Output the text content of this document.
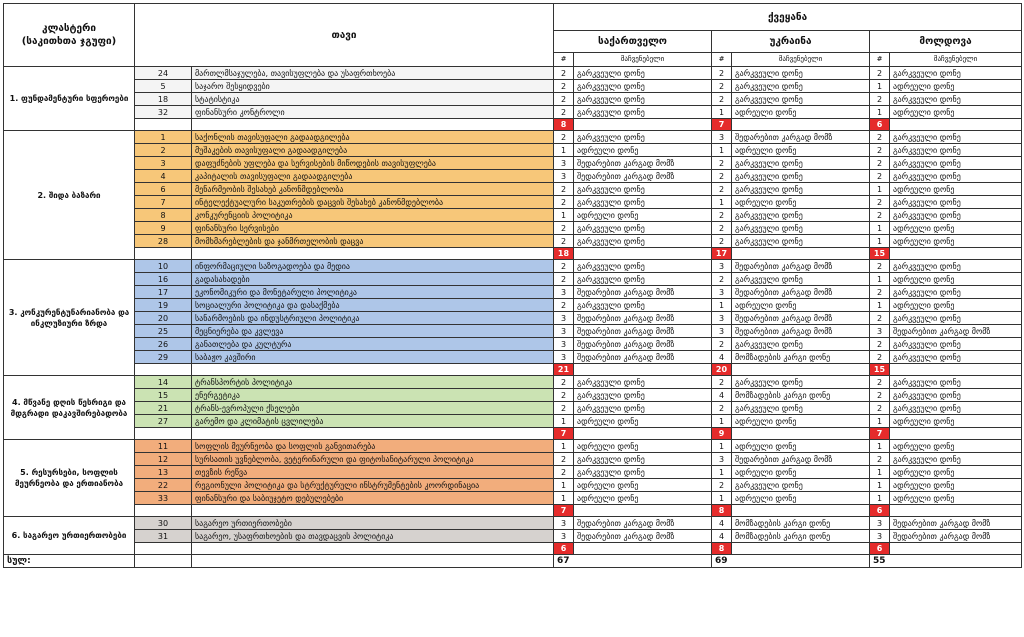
კლასტერი
(საკითხთა ჯგუფი)	თავი		ქვეყანა					
			საქართველო		უკრაინა		მოლდოვა	
			#	მაჩვენებელი	#	მაჩვენებელი	#	მაჩვენებელი
1. ფუნდამენტური სფეროები	24	მართლმსაჯულება, თავისუფლება და უსაფრთხოება	2	გარკვეული დონე	2	გარკვეული დონე	2	გარკვეული დონე
	5	საჯარო შესყიდვები	2	გარკვეული დონე	2	გარკვეული დონე	1	ადრეული დონე
	18	სტატისტიკა	2	გარკვეული დონე	2	გარკვეული დონე	2	გარკვეული დონე
	32	ფინანსური კონტროლი	2	გარკვეული დონე	1	ადრეული დონე	1	ადრეული დონე
			8		7		6	
2. შიდა ბაზარი	1	საქონლის თავისუფალი გადაადგილება	2	გარკვეული დონე	3	შედარებით კარგად მომზ	2	გარკვეული დონე
	2	მუშაკების თავისუფალი გადაადგილება	1	ადრეული დონე	1	ადრეული დონე	2	გარკვეული დონე
	3	დაფუძნების უფლება და სერვისების მიწოდების თავისუფლება	3	შედარებით კარგად მომზ	2	გარკვეული დონე	2	გარკვეული დონე
	4	კაპიტალის თავისუფალი გადაადგილება	3	შედარებით კარგად მომზ	2	გარკვეული დონე	2	გარკვეული დონე
	6	მენარმეობის შესახებ კანონმდებლობა	2	გარკვეული დონე	2	გარკვეული დონე	1	ადრეული დონე
	7	ინტელექტუალური საკუთრების დაცვის შესახებ კანონმდებლობა	2	გარკვეული დონე	1	ადრეული დონე	2	გარკვეული დონე
	8	კონკურენციის პოლიტიკა	1	ადრეული დონე	2	გარკვეული დონე	2	გარკვეული დონე
	9	ფინანსური სერვისები	2	გარკვეული დონე	2	გარკვეული დონე	1	ადრეული დონე
	28	მომხმარებლების და ჯანმრთელობის დაცვა	2	გარკვეული დონე	2	გარკვეული დონე	1	ადრეული დონე
			18		17		15	
3. კონკურენტუნარიანობა და ინკლუზიური ზრდა	10	ინფორმაციული საზოგადოება და მედია	2	გარკვეული დონე	3	შედარებით კარგად მომზ	2	გარკვეული დონე
	16	გადასახადები	2	გარკვეული დონე	2	გარკვეული დონე	1	ადრეული დონე
	17	ეკონომიკური და მონეტარული პოლიტიკა	3	შედარებით კარგად მომზ	3	შედარებით კარგად მომზ	2	გარკვეული დონე
	19	სოციალური პოლიტიკა და დასაქმება	2	გარკვეული დონე	1	ადრეული დონე	1	ადრეული დონე
	20	სანარმოების და ინდუსტრიული პოლიტიკა	3	შედარებით კარგად მომზ	3	შედარებით კარგად მომზ	2	გარკვეული დონე
	25	მეცნიერება და კვლევა	3	შედარებით კარგად მომზ	3	შედარებით კარგად მომზ	3	შედარებით კარგად მომზ
	26	განათლება და კულტურა	3	შედარებით კარგად მომზ	2	გარკვეული დონე	2	გარკვეული დონე
	29	საბაჟო კავშირი	3	შედარებით კარგად მომზ	4	მომზადების კარგი დონე	2	გარკვეული დონე
			21		20		15	
4. მწვანე დღის წესრიგი და მდგრადი დაკავშირებადობა	14	ტრანსპორტის პოლიტიკა	2	გარკვეული დონე	2	გარკვეული დონე	2	გარკვეული დონე
	15	ენერგეტიკა	2	გარკვეული დონე	4	მომზადების კარგი დონე	2	გარკვეული დონე
	21	ტრანს-ევროპული ქსელები	2	გარკვეული დონე	2	გარკვეული დონე	2	გარკვეული დონე
	27	გარემო და კლიმატის ცვლილება	1	ადრეული დონე	1	ადრეული დონე	1	ადრეული დონე
			7		9		7	
5. რესურსები, სოფლის მეურნეობა და ერთიანობა	11	სოფლის მეურნეობა და სოფლის განვითარება	1	ადრეული დონე	1	ადრეული დონე	1	ადრეული დონე
	12	სურსათის უვნებლობა, ვეტერინარული და ფიტოსანიტარული პოლიტიკა	2	გარკვეული დონე	3	შედარებით კარგად მომზ	2	გარკვეული დონე
	13	თევზის რეწვა	2	გარკვეული დონე	1	ადრეული დონე	1	ადრეული დონე
	22	რეგიონული პოლიტიკა და სტრუქტურული ინსტრუმენტების კოორდინაცია	1	ადრეული დონე	2	გარკვეული დონე	1	ადრეული დონე
	33	ფინანსური და საბიუჯეტო დებულებები	1	ადრეული დონე	1	ადრეული დონე	1	ადრეული დონე
			7		8		6	
6. საგარეო ურთიერთობები	30	საგარეო ურთიერთობები	3	შედარებით კარგად მომზ	4	მომზადების კარგი დონე	3	შედარებით კარგად მომზ
	31	საგარეო, უსაფრთხოების და თავდაცვის პოლიტიკა	3	შედარებით კარგად მომზ	4	მომზადების კარგი დონე	3	შედარებით კარგად მომზ
			6		8		6	
სულ:			67		69		55	
